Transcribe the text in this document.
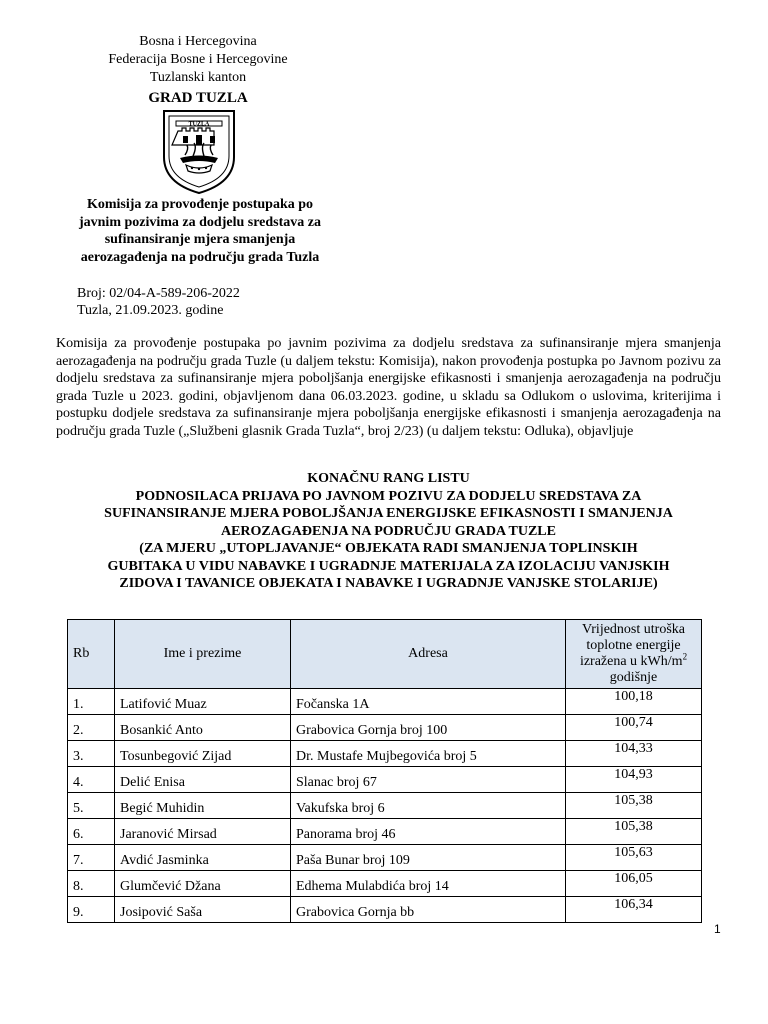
Bosna i Hercegovina
Federacija Bosne i Hercegovine
Tuzlanski kanton
GRAD TUZLA
TUZLA
Komisija za provođenje postupaka po
javnim pozivima za dodjelu sredstava za
sufinansiranje mjera smanjenja
aerozagađenja na području grada Tuzla
Broj: 02/04-A-589-206-2022
Tuzla, 21.09.2023. godine
Komisija za provođenje postupaka po javnim pozivima za dodjelu sredstava za sufinansiranje mjera smanjenja aerozagađenja na području grada Tuzle (u daljem tekstu: Komisija), nakon provođenja postupka po Javnom pozivu za dodjelu sredstava za sufinansiranje mjera poboljšanja energijske efikasnosti i smanjenja aerozagađenja na području grada Tuzle u 2023. godini, objavljenom dana 06.03.2023. godine, u skladu sa Odlukom o uslovima, kriterijima i postupku dodjele sredstava za sufinansiranje mjera poboljšanja energijske efikasnosti i smanjenja aerozagađenja na području grada Tuzle („Službeni glasnik Grada Tuzla“, broj 2/23) (u daljem tekstu: Odluka), objavljuje
KONAČNU RANG LISTU
PODNOSILACA PRIJAVA PO JAVNOM POZIVU ZA DODJELU SREDSTAVA ZA
SUFINANSIRANJE MJERA POBOLJŠANJA ENERGIJSKE EFIKASNOSTI I SMANJENJA
AEROZAGAĐENJA NA PODRUČJU GRADA TUZLE
(ZA MJERU „UTOPLJAVANJE“ OBJEKATA RADI SMANJENJA TOPLINSKIH
GUBITAKA U VIDU NABAVKE I UGRADNJE MATERIJALA ZA IZOLACIJU VANJSKIH
ZIDOVA I TAVANICE OBJEKATA I NABAVKE I UGRADNJE VANJSKE STOLARIJE)
Rb	Ime i prezime	Adresa	Vrijednost utroška
toplotne energije
izražena u kWh/$m^2$
godišnje

1.	Latifović Muaz	Fočanska 1A	100,18
2.	Bosankić Anto	Grabovica Gornja broj 100	100,74
3.	Tosunbegović Zijad	Dr. Mustafe Mujbegovića broj 5	104,33
4.	Delić Enisa	Slanac broj 67	104,93
5.	Begić Muhidin	Vakufska broj 6	105,38
6.	Jaranović Mirsad	Panorama broj 46	105,38
7.	Avdić Jasminka	Paša Bunar broj 109	105,63
8.	Glumčević Džana	Edhema Mulabdića broj 14	106,05
9.	Josipović Saša	Grabovica Gornja bb	106,34
1
